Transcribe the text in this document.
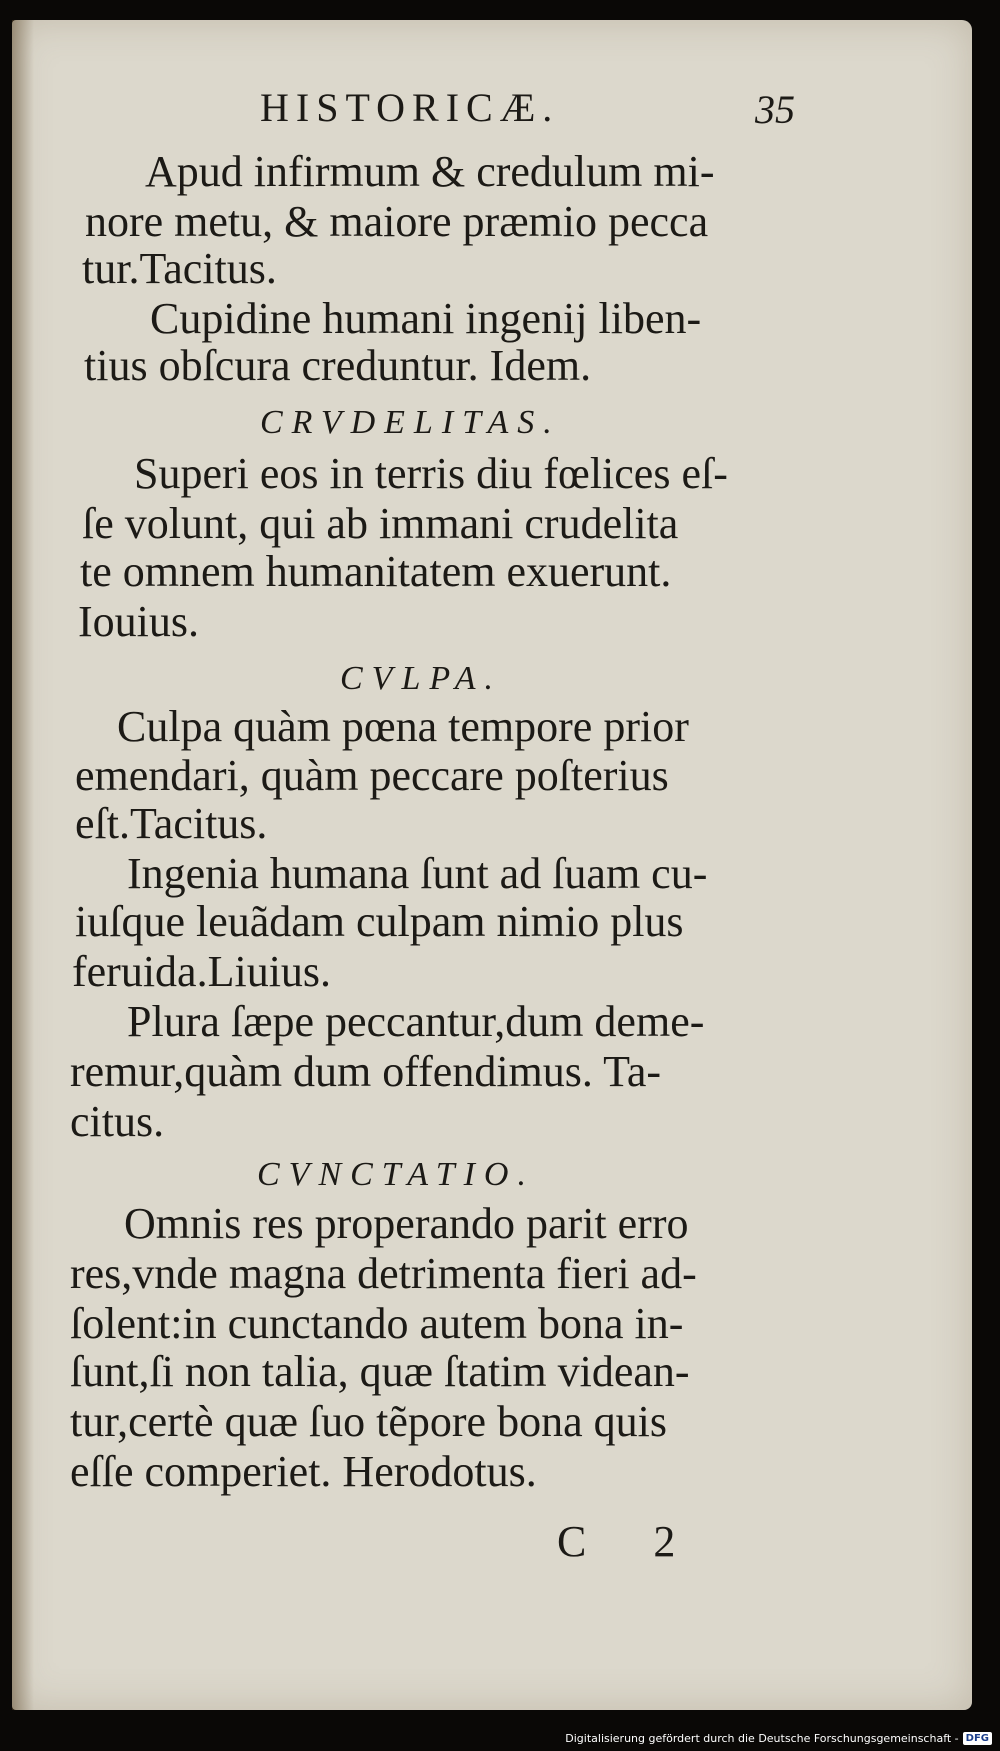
HISTORICÆ.	35
Apud infirmum & credulum mi-
nore metu, & maiore præmio pecca
tur.Tacitus.
Cupidine humani ingenij liben-
tius obſcura creduntur. Idem.
CRVDELITAS.
Superi eos in terris diu fœlices eſ-
ſe volunt, qui ab immani crudelita
te omnem humanitatem exuerunt.
Iouius.
CVLPA.
Culpa quàm pœna tempore prior
emendari, quàm peccare poſterius
eſt.Tacitus.
Ingenia humana ſunt ad ſuam cu-
iuſque leuãdam culpam nimio plus
feruida.Liuius.
Plura ſæpe peccantur,dum deme-
remur,quàm dum offendimus. Ta-
citus.
CVNCTATIO.
Omnis res properando parit erro
res,vnde magna detrimenta fieri ad-
ſolent:in cunctando autem bona in-
ſunt,ſi non talia, quæ ſtatim videan-
tur,certè quæ ſuo tẽpore bona quis
eſſe comperiet. Herodotus.
C 2
Digitalisierung gefördert durch die Deutsche Forschungsgemeinschaft - DFG
